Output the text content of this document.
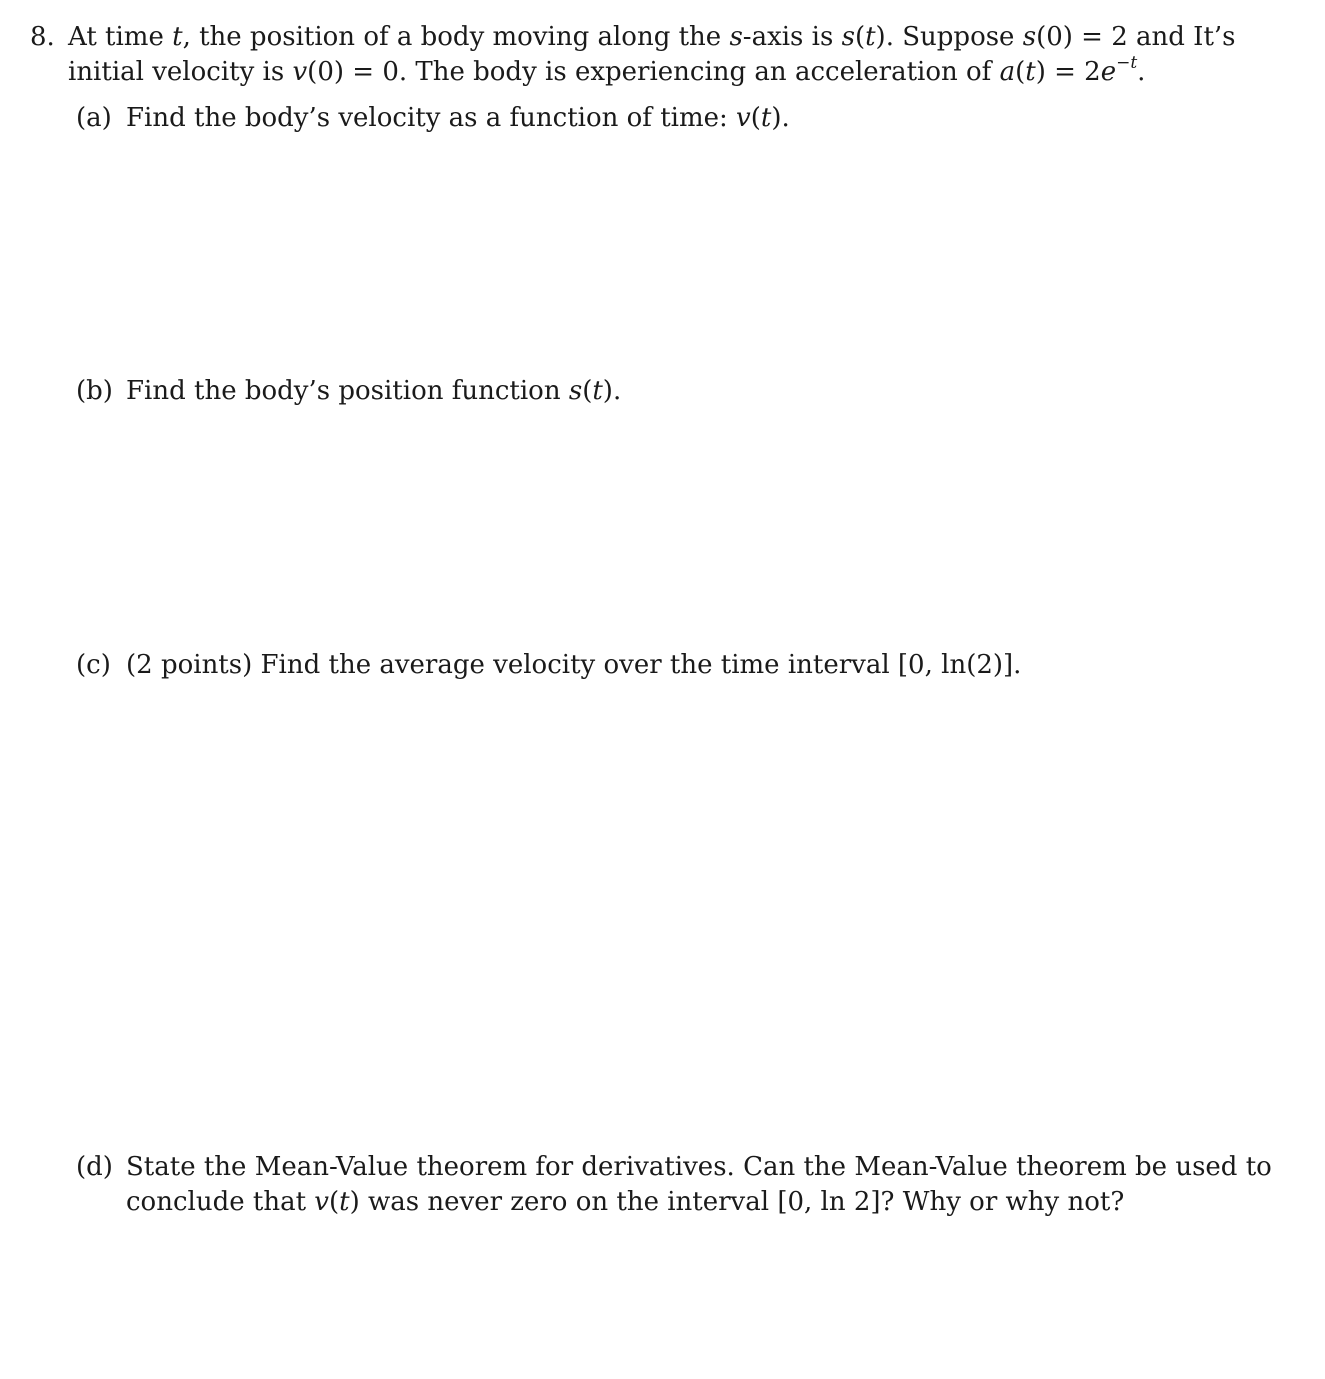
8. At time t, the position of a body moving along the s-axis is s(t). Suppose s(0) = 2 and It’s
initial velocity is v(0) = 0. The body is experiencing an acceleration of $a(t) = 2e^{-t}$.
(a) Find the body’s velocity as a function of time: v(t).
(b) Find the body’s position function s(t).
(c) (2 points) Find the average velocity over the time interval [0, ln(2)].
(d) State the Mean-Value theorem for derivatives. Can the Mean-Value theorem be used to
conclude that v(t) was never zero on the interval [0, ln 2]? Why or why not?
